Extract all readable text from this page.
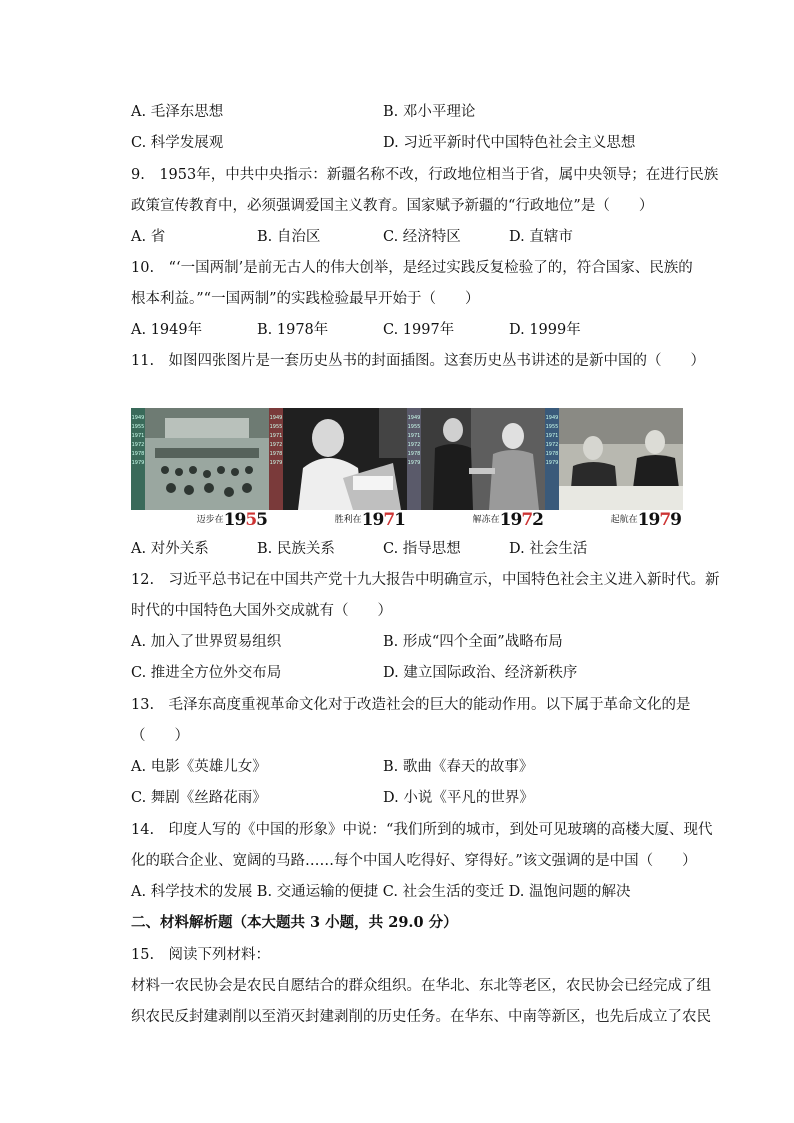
A. 毛泽东思想	B. 邓小平理论
C. 科学发展观	D. 习近平新时代中国特色社会主义思想
9.　1953年，中共中央指示：新疆名称不改，行政地位相当于省，属中央领导；在进行民族
政策宣传教育中，必须强调爱国主义教育。国家赋予新疆的“行政地位”是（　　）
A. 省	B. 自治区	C. 经济特区	D. 直辖市
10.　“‘一国两制’是前无古人的伟大创举，是经过实践反复检验了的，符合国家、民族的
根本利益。”“一国两制”的实践检验最早开始于（　　）
A. 1949年	B. 1978年	C. 1997年	D. 1999年
11.　如图四张图片是一套历史丛书的封面插图。这套历史丛书讲述的是新中国的（　　）
1949 1955 1971 1972 1978 1979
迈步在1955
1949 1955 1971 1972 1978 1979
胜利在1971
1949 1955 1971 1972 1978 1979
解冻在1972
1949 1955 1971 1972 1978 1979
起航在1979
A. 对外关系	B. 民族关系	C. 指导思想	D. 社会生活
12.　习近平总书记在中国共产党十九大报告中明确宣示，中国特色社会主义进入新时代。新
时代的中国特色大国外交成就有（　　）
A. 加入了世界贸易组织	B. 形成“四个全面”战略布局
C. 推进全方位外交布局	D. 建立国际政治、经济新秩序
13.　毛泽东高度重视革命文化对于改造社会的巨大的能动作用。以下属于革命文化的是
（　　）
A. 电影《英雄儿女》	B. 歌曲《春天的故事》
C. 舞剧《丝路花雨》	D. 小说《平凡的世界》
14.　印度人写的《中国的形象》中说：“我们所到的城市，到处可见玻璃的高楼大厦、现代
化的联合企业、宽阔的马路……每个中国人吃得好、穿得好。”该文强调的是中国（　　）
A. 科学技术的发展 B. 交通运输的便捷 C. 社会生活的变迁 D. 温饱问题的解决
二、材料解析题（本大题共 3 小题，共 29.0 分）
15.　阅读下列材料：
材料一农民协会是农民自愿结合的群众组织。在华北、东北等老区，农民协会已经完成了组
织农民反封建剥削以至消灭封建剥削的历史任务。在华东、中南等新区，也先后成立了农民
